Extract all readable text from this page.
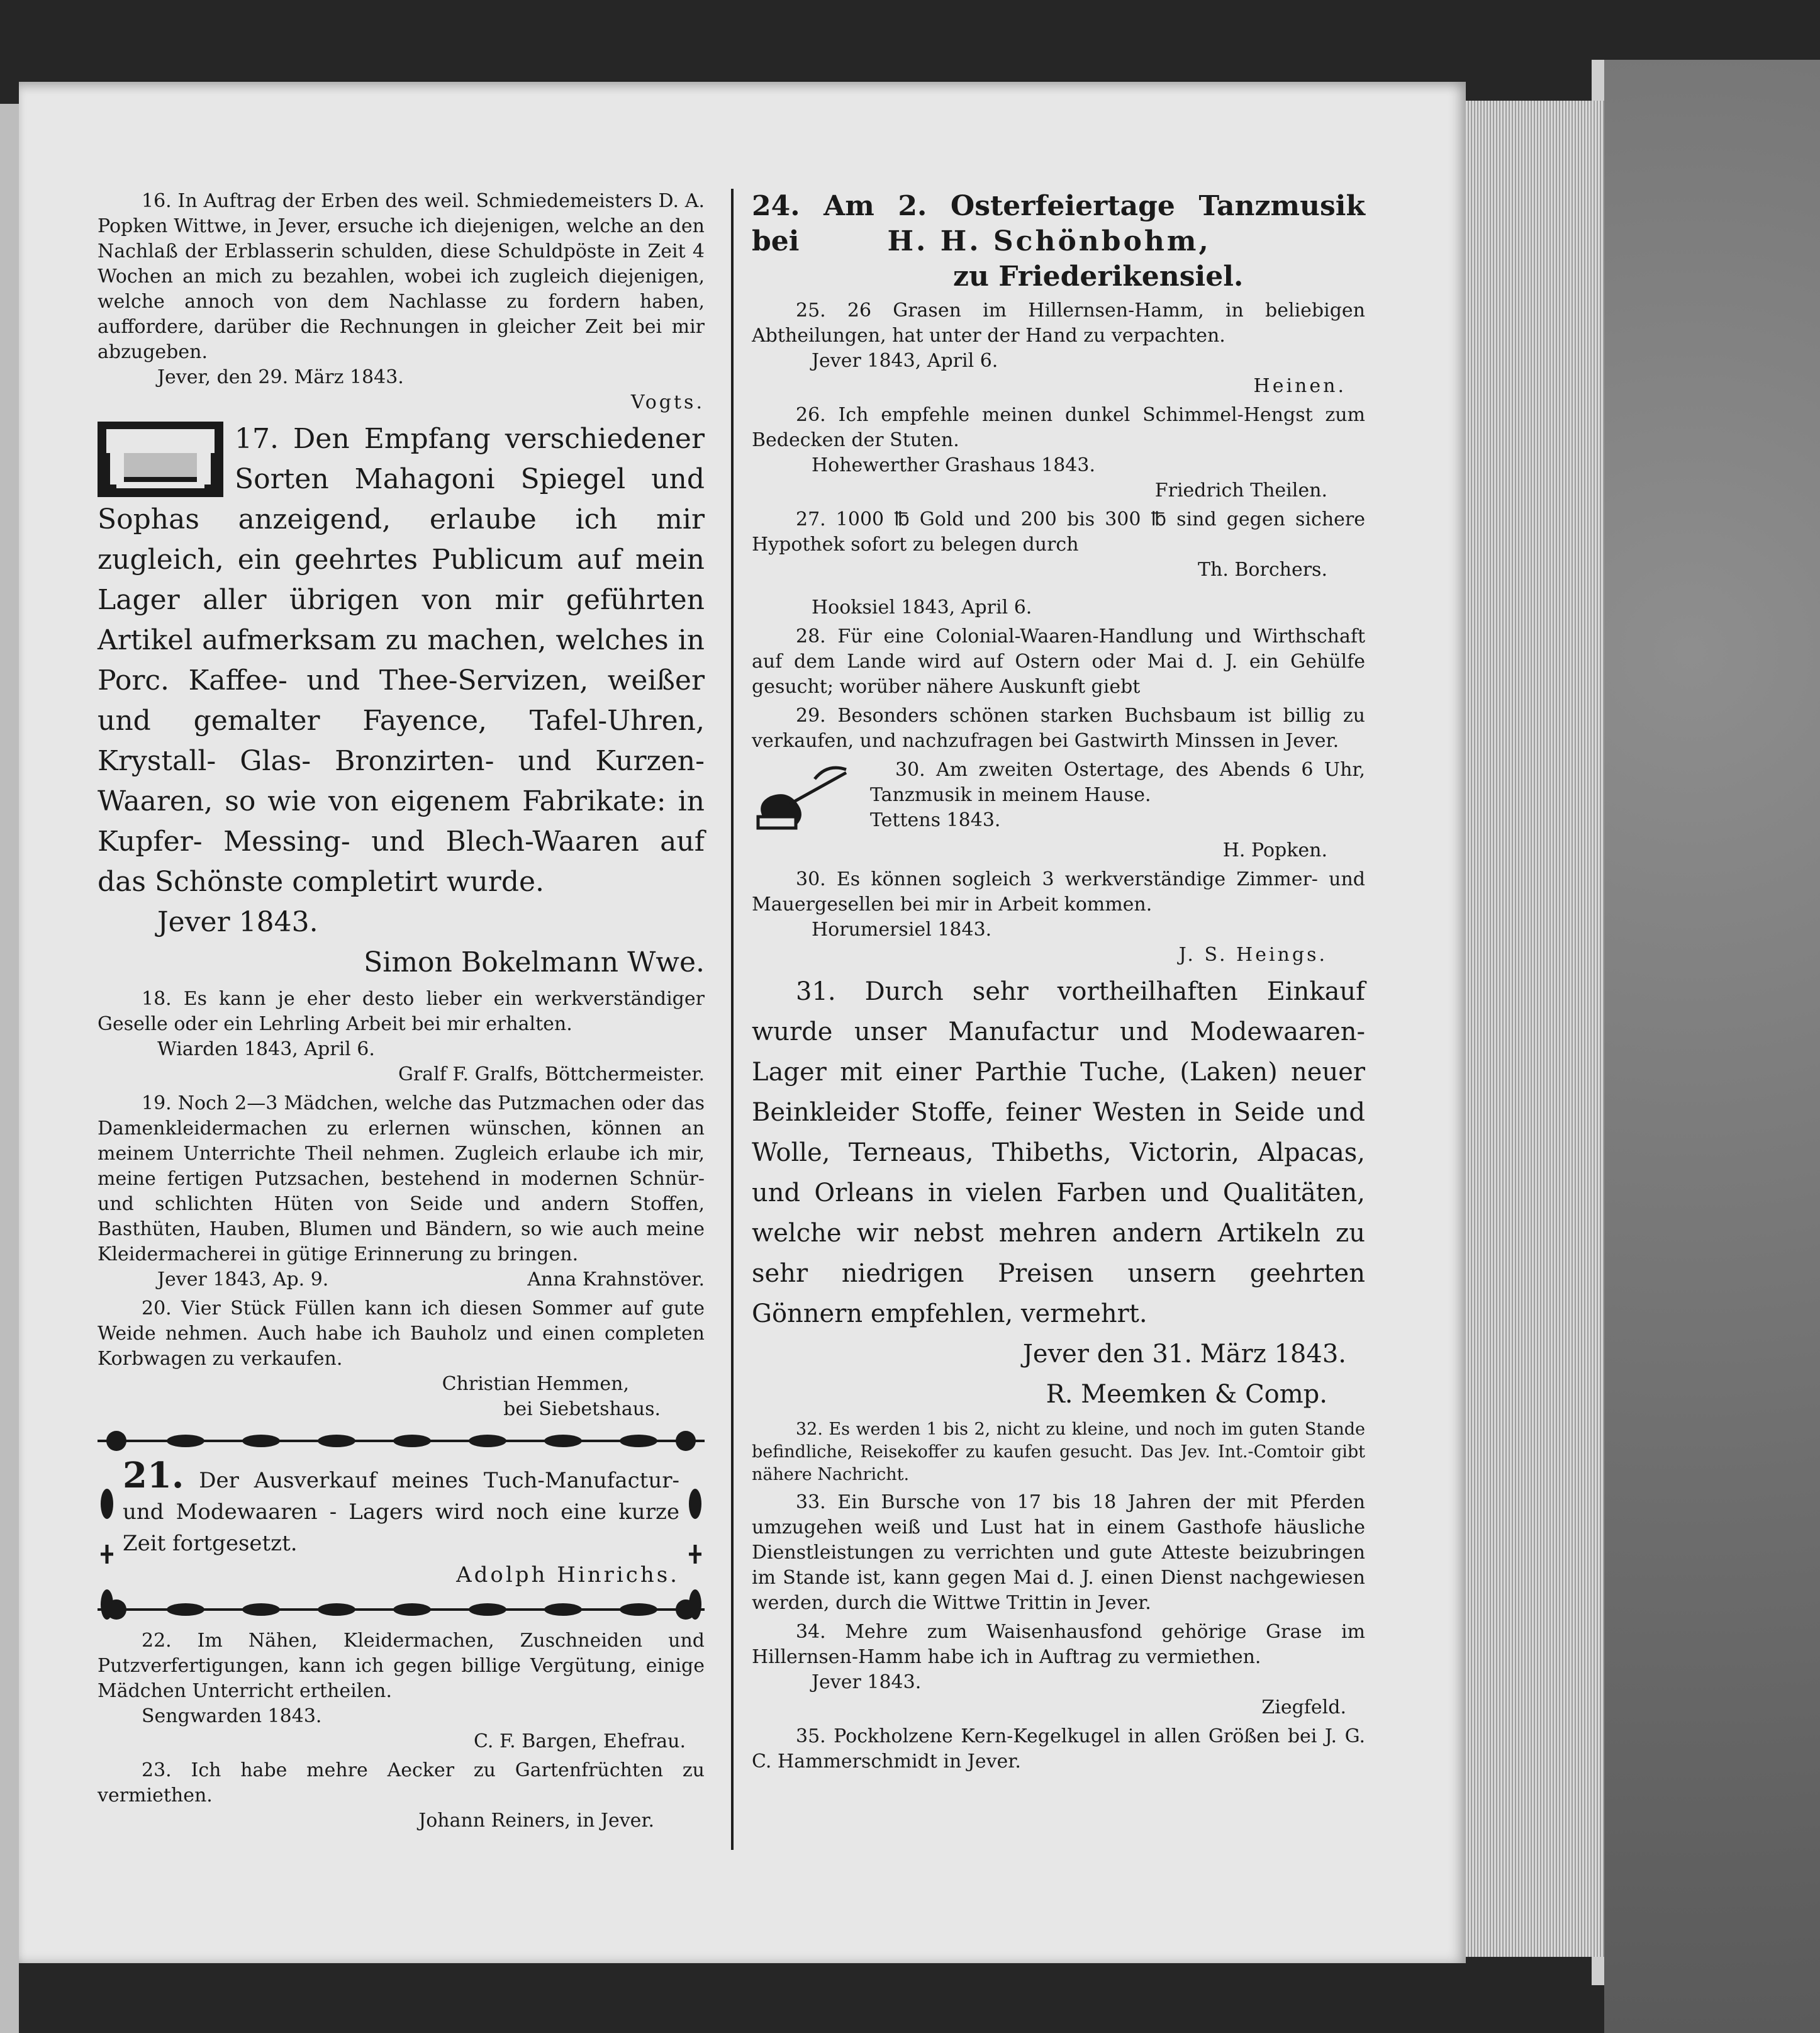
16. In Auftrag der Erben des weil. Schmiedemeisters D. A. Popken Wittwe, in Jever, ersuche ich diejenigen, welche an den Nachlaß der Erblasserin schulden, diese Schuldpöste in Zeit 4 Wochen an mich zu bezahlen, wobei ich zugleich diejenigen, welche annoch von dem Nachlasse zu fordern haben, auffordere, darüber die Rechnungen in gleicher Zeit bei mir abzugeben.

Jever, den 29. März 1843.

Vogts.

17. Den Empfang verschiedener Sorten Mahagoni Spiegel und Sophas anzeigend, erlaube ich mir zugleich, ein geehrtes Publicum auf mein Lager aller übrigen von mir geführten Artikel aufmerksam zu machen, welches in Porc. Kaffee- und Thee-Servizen, weißer und gemalter Fayence, Tafel-Uhren, Krystall- Glas- Bronzirten- und Kurzen-Waaren, so wie von eigenem Fabrikate: in Kupfer- Messing- und Blech-Waaren auf das Schönste completirt wurde.

Jever 1843.

Simon Bokelmann Wwe.

18. Es kann je eher desto lieber ein werkverständiger Geselle oder ein Lehrling Arbeit bei mir erhalten.

Wiarden 1843, April 6.

Gralf F. Gralfs, Böttchermeister.

19. Noch 2—3 Mädchen, welche das Putzmachen oder das Damenkleidermachen zu erlernen wünschen, können an meinem Unterrichte Theil nehmen. Zugleich erlaube ich mir, meine fertigen Putzsachen, bestehend in modernen Schnür- und schlichten Hüten von Seide und andern Stoffen, Basthüten, Hauben, Blumen und Bändern, so wie auch meine Kleidermacherei in gütige Erinnerung zu bringen.

Jever 1843, Ap. 9.	Anna Krahnstöver.

20. Vier Stück Füllen kann ich diesen Sommer auf gute Weide nehmen. Auch habe ich Bauholz und einen completen Korbwagen zu verkaufen.

Christian Hemmen,

bei Siebetshaus.

21. Der Ausverkauf meines Tuch-Manufactur- und Modewaaren - Lagers wird noch eine kurze Zeit fortgesetzt.

Adolph Hinrichs.

22. Im Nähen, Kleidermachen, Zuschneiden und Putzverfertigungen, kann ich gegen billige Vergütung, einige Mädchen Unterricht ertheilen.

Sengwarden 1843.

C. F. Bargen, Ehefrau.

23. Ich habe mehre Aecker zu Gartenfrüchten zu vermiethen.

Johann Reiners, in Jever.

24. Am 2. Osterfeiertage Tanzmusik

bei	H. H. Schönbohm,

zu Friederikensiel.

25. 26 Grasen im Hillernsen-Hamm, in beliebigen Abtheilungen, hat unter der Hand zu verpachten.

Jever 1843, April 6.

Heinen.

26. Ich empfehle meinen dunkel Schimmel-Hengst zum Bedecken der Stuten.

Hohewerther Grashaus 1843.

Friedrich Theilen.

27. 1000 ℔ Gold und 200 bis 300 ℔ sind gegen sichere Hypothek sofort zu belegen durch

Th. Borchers.

Hooksiel 1843, April 6.

28. Für eine Colonial-Waaren-Handlung und Wirthschaft auf dem Lande wird auf Ostern oder Mai d. J. ein Gehülfe gesucht; worüber nähere Auskunft giebt

29. Besonders schönen starken Buchsbaum ist billig zu verkaufen, und nachzufragen bei Gastwirth Minssen in Jever.

30. Am zweiten Ostertage, des Abends 6 Uhr, Tanzmusik in meinem Hause.

Tettens 1843.

H. Popken.

30. Es können sogleich 3 werkverständige Zimmer- und Mauergesellen bei mir in Arbeit kommen.

Horumersiel 1843.

J. S. Heings.

31. Durch sehr vortheilhaften Einkauf wurde unser Manufactur und Modewaaren-Lager mit einer Parthie Tuche, (Laken) neuer Beinkleider Stoffe, feiner Westen in Seide und Wolle, Terneaus, Thibeths, Victorin, Alpacas, und Orleans in vielen Farben und Qualitäten, welche wir nebst mehren andern Artikeln zu sehr niedrigen Preisen unsern geehrten Gönnern empfehlen, vermehrt.

Jever den 31. März 1843.

R. Meemken & Comp.

32. Es werden 1 bis 2, nicht zu kleine, und noch im guten Stande befindliche, Reisekoffer zu kaufen gesucht. Das Jev. Int.-Comtoir gibt nähere Nachricht.

33. Ein Bursche von 17 bis 18 Jahren der mit Pferden umzugehen weiß und Lust hat in einem Gasthofe häusliche Dienstleistungen zu verrichten und gute Atteste beizubringen im Stande ist, kann gegen Mai d. J. einen Dienst nachgewiesen werden, durch die Wittwe Trittin in Jever.

34. Mehre zum Waisenhausfond gehörige Grase im Hillernsen-Hamm habe ich in Auftrag zu vermiethen.

Jever 1843.

Ziegfeld.

35. Pockholzene Kern-Kegelkugel in allen Größen bei J. G. C. Hammerschmidt in Jever.
